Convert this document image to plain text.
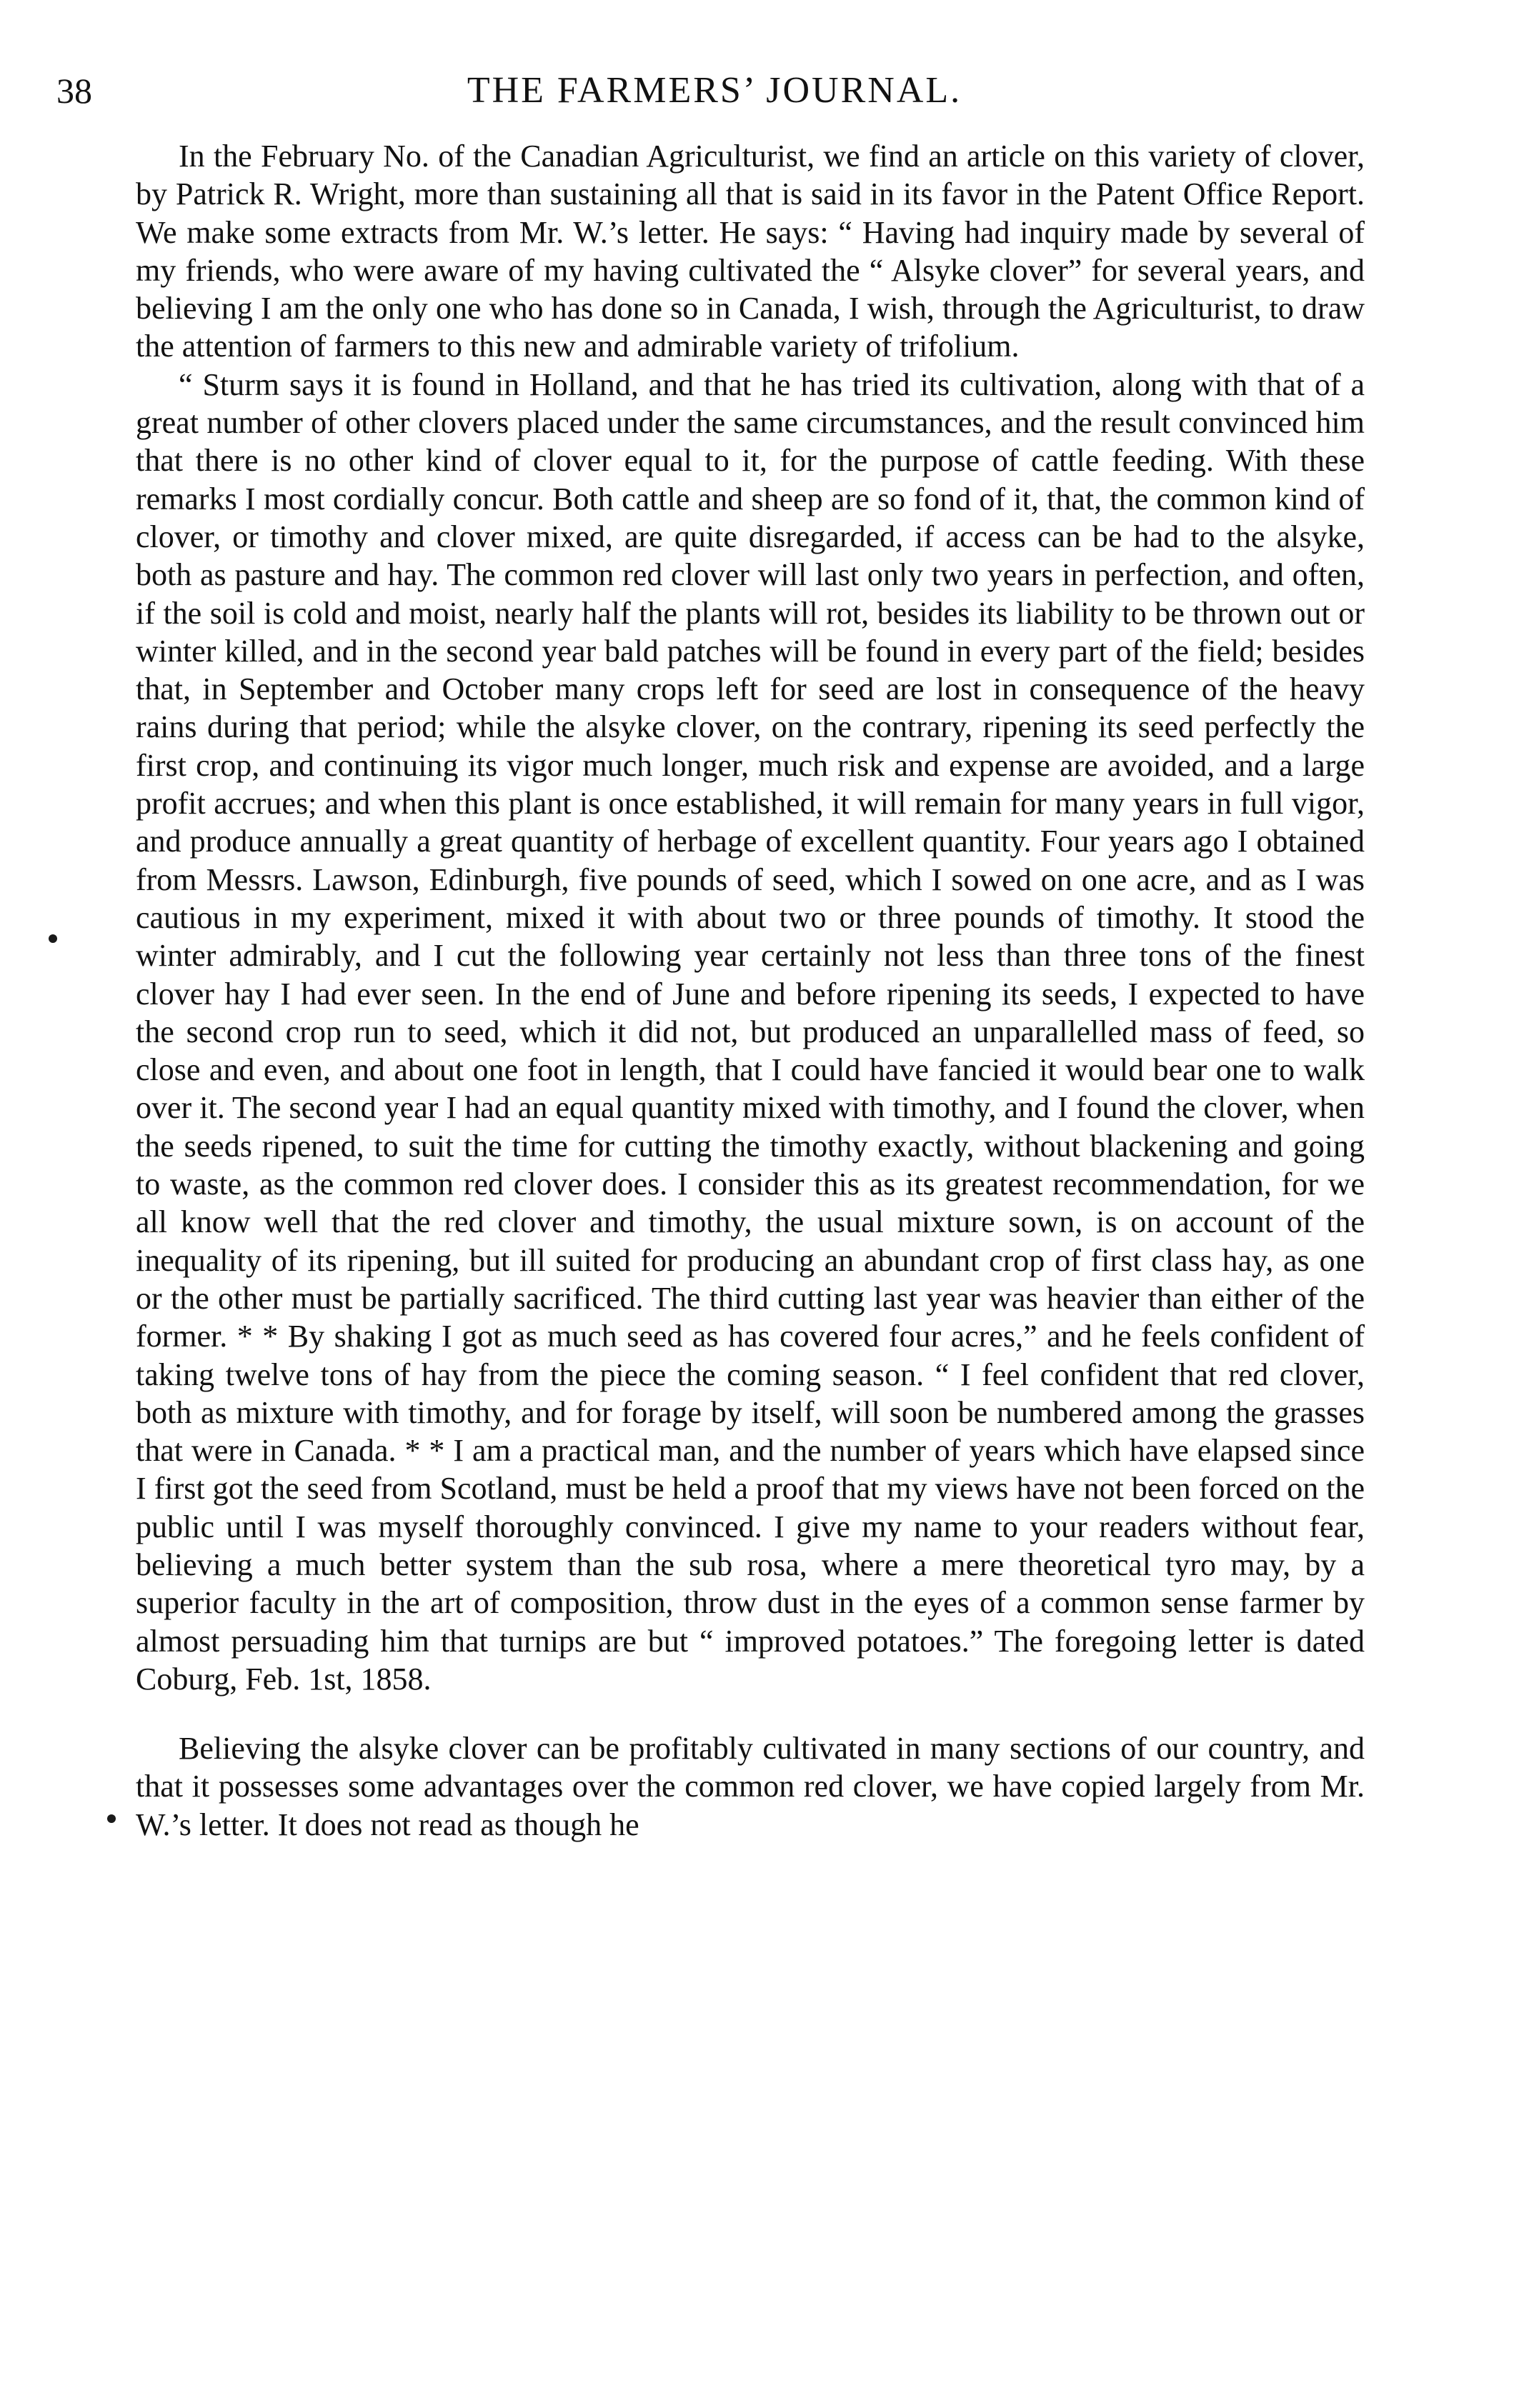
38	THE FARMERS’ JOURNAL.

In the February No. of the Canadian Agriculturist, we find an article on this variety of clover, by Patrick R. Wright, more than sustaining all that is said in its favor in the Patent Office Report. We make some extracts from Mr. W.’s letter. He says: “ Having had inquiry made by several of my friends, who were aware of my having cultivated the “ Alsyke clover” for several years, and believing I am the only one who has done so in Canada, I wish, through the Agriculturist, to draw the attention of farmers to this new and admirable variety of trifolium.

“ Sturm says it is found in Holland, and that he has tried its cultivation, along with that of a great number of other clovers placed under the same circumstances, and the result convinced him that there is no other kind of clover equal to it, for the purpose of cattle feeding. With these remarks I most cordially concur. Both cattle and sheep are so fond of it, that, the common kind of clover, or timothy and clover mixed, are quite disregarded, if access can be had to the alsyke, both as pasture and hay. The common red clover will last only two years in perfection, and often, if the soil is cold and moist, nearly half the plants will rot, besides its liability to be thrown out or winter killed, and in the second year bald patches will be found in every part of the field; besides that, in September and October many crops left for seed are lost in consequence of the heavy rains during that period; while the alsyke clover, on the contrary, ripening its seed perfectly the first crop, and continuing its vigor much longer, much risk and expense are avoided, and a large profit accrues; and when this plant is once established, it will remain for many years in full vigor, and produce annually a great quantity of herbage of excellent quantity. Four years ago I obtained from Messrs. Lawson, Edinburgh, five pounds of seed, which I sowed on one acre, and as I was cautious in my experiment, mixed it with about two or three pounds of timothy. It stood the winter admirably, and I cut the following year certainly not less than three tons of the finest clover hay I had ever seen. In the end of June and before ripening its seeds, I expected to have the second crop run to seed, which it did not, but produced an unparallelled mass of feed, so close and even, and about one foot in length, that I could have fancied it would bear one to walk over it. The second year I had an equal quantity mixed with timothy, and I found the clover, when the seeds ripened, to suit the time for cutting the timothy exactly, without blackening and going to waste, as the common red clover does. I consider this as its greatest recommendation, for we all know well that the red clover and timothy, the usual mixture sown, is on account of the inequality of its ripening, but ill suited for producing an abundant crop of first class hay, as one or the other must be partially sacrificed. The third cutting last year was heavier than either of the former. * * By shaking I got as much seed as has covered four acres,” and he feels confident of taking twelve tons of hay from the piece the coming season. “ I feel confident that red clover, both as mixture with timothy, and for forage by itself, will soon be numbered among the grasses that were in Canada. * * I am a practical man, and the number of years which have elapsed since I first got the seed from Scotland, must be held a proof that my views have not been forced on the public until I was myself thoroughly convinced. I give my name to your readers without fear, believing a much better system than the sub rosa, where a mere theoretical tyro may, by a superior faculty in the art of composition, throw dust in the eyes of a common sense farmer by almost persuading him that turnips are but “ improved potatoes.” The foregoing letter is dated Coburg, Feb. 1st, 1858.

Believing the alsyke clover can be profitably cultivated in many sections of our country, and that it possesses some advantages over the common red clover, we have copied largely from Mr. W.’s letter. It does not read as though he
